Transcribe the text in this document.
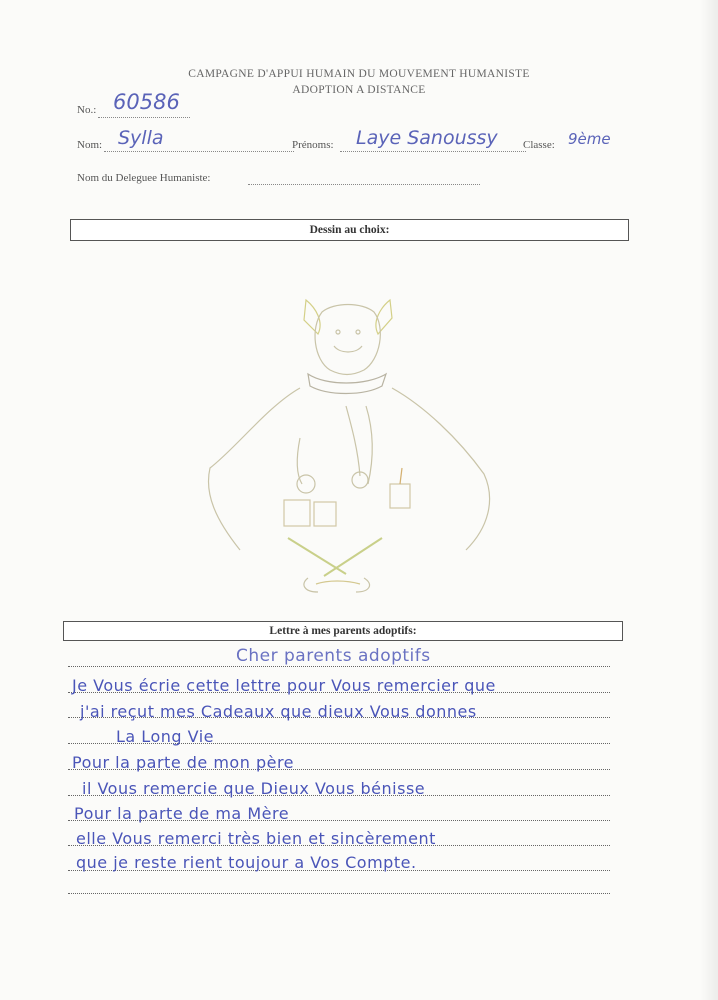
CAMPAGNE D'APPUI HUMAIN DU MOUVEMENT HUMANISTE
ADOPTION A DISTANCE
No.: 60586
Nom: Sylla	Prénoms: Laye Sanoussy Classe: 9ème
Nom du Deleguee Humaniste:
Dessin au choix:
Lettre à mes parents adoptifs:
Cher parents adoptifs
Je Vous écrie cette lettre pour Vous remercier que
j'ai reçut mes Cadeaux que dieux Vous donnes
La Long Vie
Pour la parte de mon père
il Vous remercie que Dieux Vous bénisse
Pour la parte de ma Mère
elle Vous remerci très bien et sincèrement
que je reste rient toujour a Vos Compte.
